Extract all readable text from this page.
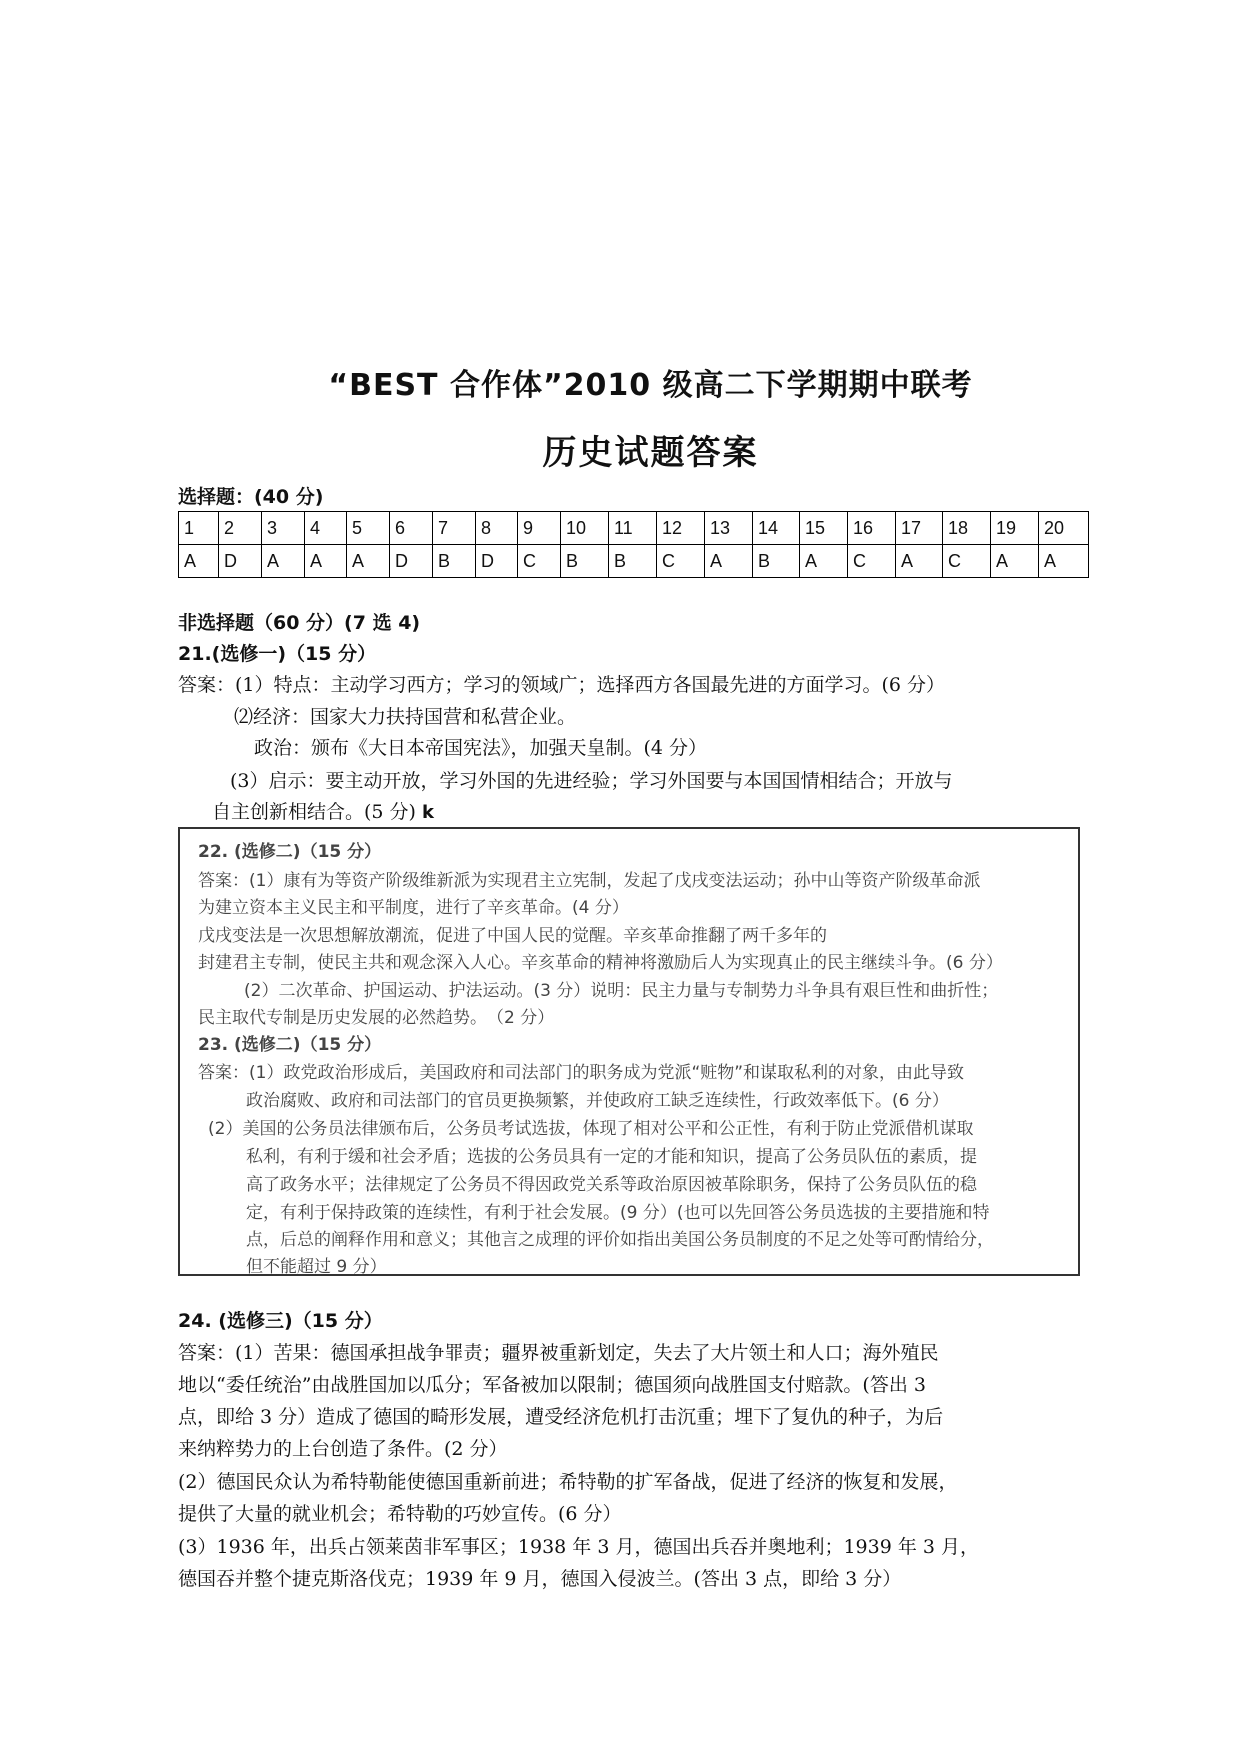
“BEST 合作体”2010 级高二下学期期中联考
历史试题答案
选择题：(40 分)
1	2	3	4	5	6	7	8	9	10	11	12	13	14	15	16	17	18	19	20
A	D	A	A	A	D	B	D	C	B	B	C	A	B	A	C	A	C	A	A
非选择题（60 分）(7 选 4)
21.(选修一)（15 分）
答案：(1）特点：主动学习西方；学习的领域广；选择西方各国最先进的方面学习。(6 分）
⑵经济：国家大力扶持国营和私营企业。
政治：颁布《大日本帝国宪法》，加强天皇制。(4 分）
(3）启示：要主动开放，学习外国的先进经验；学习外国要与本国国情相结合；开放与
自主创新相结合。(5 分) k
22. (选修二)（15 分）
答案：(1）康有为等资产阶级维新派为实现君主立宪制，发起了戊戌变法运动；孙中山等资产阶级革命派
为建立资本主义民主和平制度，进行了辛亥革命。(4 分）
戊戌变法是一次思想解放潮流，促进了中国人民的觉醒。辛亥革命推翻了两千多年的
封建君主专制，使民主共和观念深入人心。辛亥革命的精神将激励后人为实现真止的民主继续斗争。(6 分）
(2）二次革命、护国运动、护法运动。(3 分）说明：民主力量与专制势力斗争具有艰巨性和曲折性；
民主取代专制是历史发展的必然趋势。　（2 分）
23. (选修二)（15 分）
答案：(1）政党政治形成后，美国政府和司法部门的职务成为党派“赃物”和谋取私利的对象，由此导致
政治腐败、政府和司法部门的官员更换频繁，并使政府工缺乏连续性，行政效率低下。(6 分）
(2）美国的公务员法律颁布后，公务员考试选拔，体现了相对公平和公正性，有利于防止党派借机谋取
私利，有利于缓和社会矛盾；选拔的公务员具有一定的才能和知识，提高了公务员队伍的素质，提
高了政务水平；法律规定了公务员不得因政党关系等政治原因被革除职务，保持了公务员队伍的稳
定，有利于保持政策的连续性，有利于社会发展。(9 分）(也可以先回答公务员选拔的主要措施和特
点，后总的阐释作用和意义；其他言之成理的评价如指出美国公务员制度的不足之处等可酌情给分，
但不能超过 9 分）
24. (选修三)（15 分）
答案：(1）苦果：德国承担战争罪责；疆界被重新划定，失去了大片领土和人口；海外殖民
地以“委任统治”由战胜国加以瓜分；军备被加以限制；德国须向战胜国支付赔款。(答出 3
点，即给 3 分）造成了德国的畸形发展，遭受经济危机打击沉重；埋下了复仇的种子，为后
来纳粹势力的上台创造了条件。(2 分）
(2）德国民众认为希特勒能使德国重新前进；希特勒的扩军备战，促进了经济的恢复和发展，
提供了大量的就业机会；希特勒的巧妙宣传。(6 分）
(3）1936 年，出兵占领莱茵非军事区；1938 年 3 月，德国出兵吞并奥地利；1939 年 3 月，
德国吞并整个捷克斯洛伐克；1939 年 9 月，德国入侵波兰。(答出 3 点，即给 3 分）
